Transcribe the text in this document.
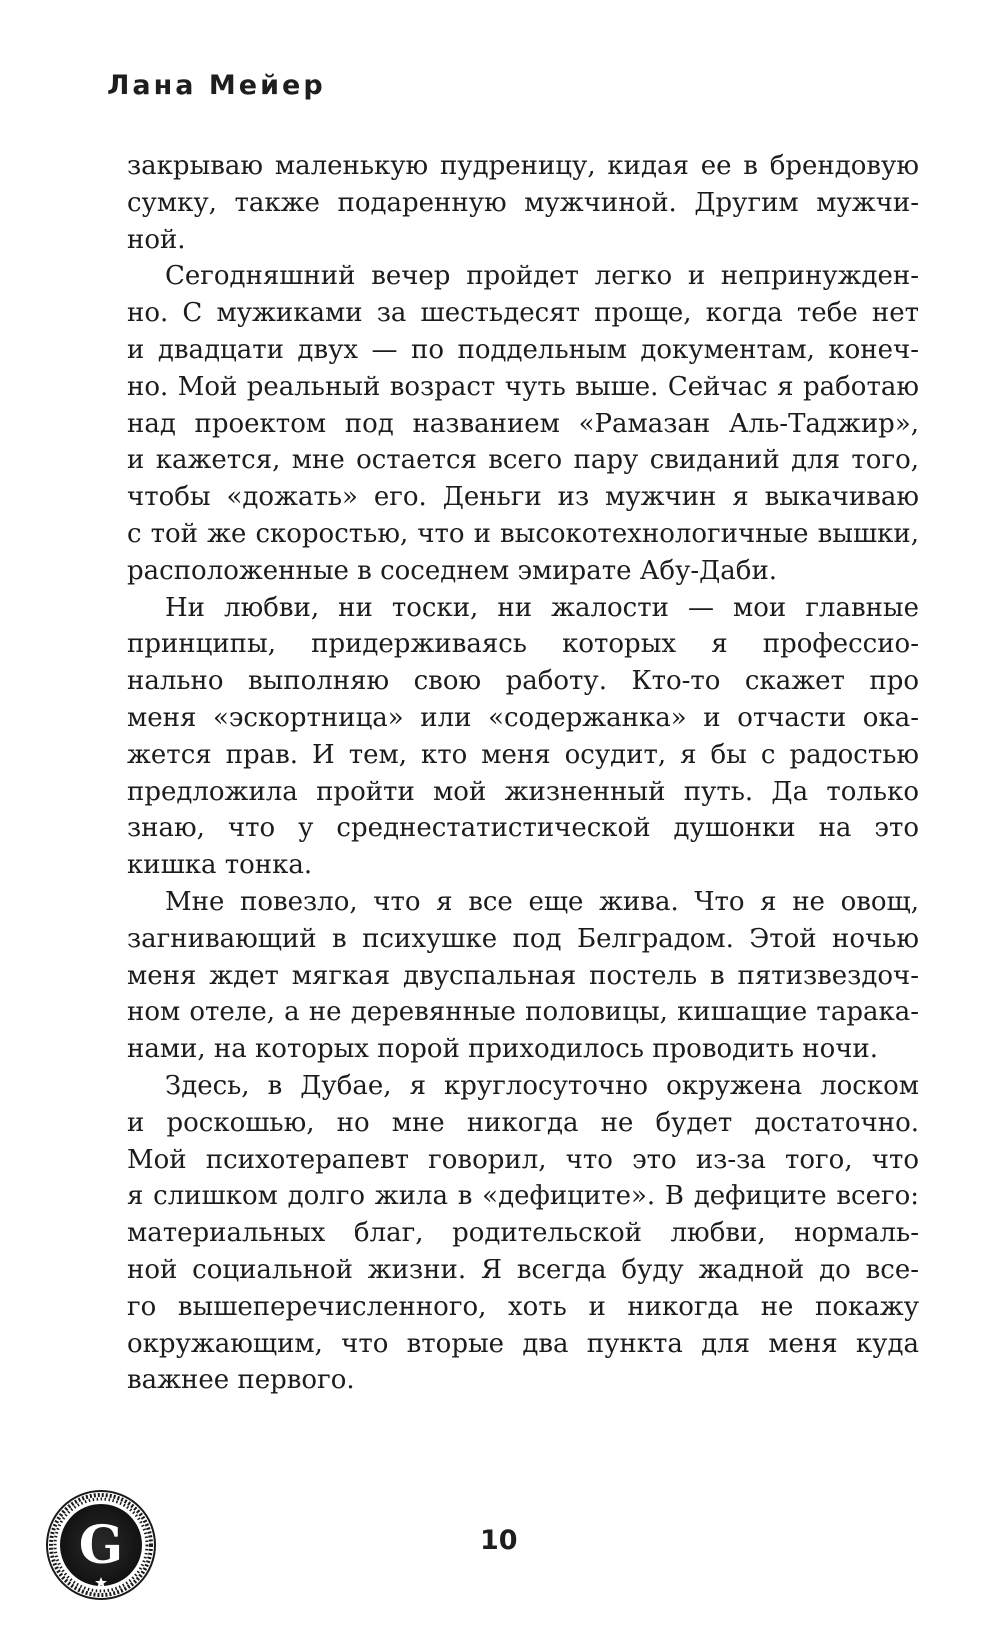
Лана Мейер
закрываю маленькую пудреницу, кидая ее в брендовую
сумку, также подаренную мужчиной. Другим мужчи-
ной.
Сегодняшний вечер пройдет легко и непринужден-
но. С мужиками за шестьдесят проще, когда тебе нет
и двадцати двух — по поддельным документам, конеч-
но. Мой реальный возраст чуть выше. Сейчас я работаю
над проектом под названием «Рамазан Аль-Таджир»,
и кажется, мне остается всего пару свиданий для того,
чтобы «дожать» его. Деньги из мужчин я выкачиваю
с той же скоростью, что и высокотехнологичные вышки,
расположенные в соседнем эмирате Абу-Даби.
Ни любви, ни тоски, ни жалости — мои главные
принципы, придерживаясь которых я профессио-
нально выполняю свою работу. Кто-то скажет про
меня «эскортница» или «содержанка» и отчасти ока-
жется прав. И тем, кто меня осудит, я бы с радостью
предложила пройти мой жизненный путь. Да только
знаю, что у среднестатистической душонки на это
кишка тонка.
Мне повезло, что я все еще жива. Что я не овощ,
загнивающий в психушке под Белградом. Этой ночью
меня ждет мягкая двуспальная постель в пятизвездоч-
ном отеле, а не деревянные половицы, кишащие тарака-
нами, на которых порой приходилось проводить ночи.
Здесь, в Дубае, я круглосуточно окружена лоском
и роскошью, но мне никогда не будет достаточно.
Мой психотерапевт говорил, что это из-за того, что
я слишком долго жила в «дефиците». В дефиците всего:
материальных благ, родительской любви, нормаль-
ной социальной жизни. Я всегда буду жадной до все-
го вышеперечисленного, хоть и никогда не покажу
окружающим, что вторые два пункта для меня куда
важнее первого.
G	10
